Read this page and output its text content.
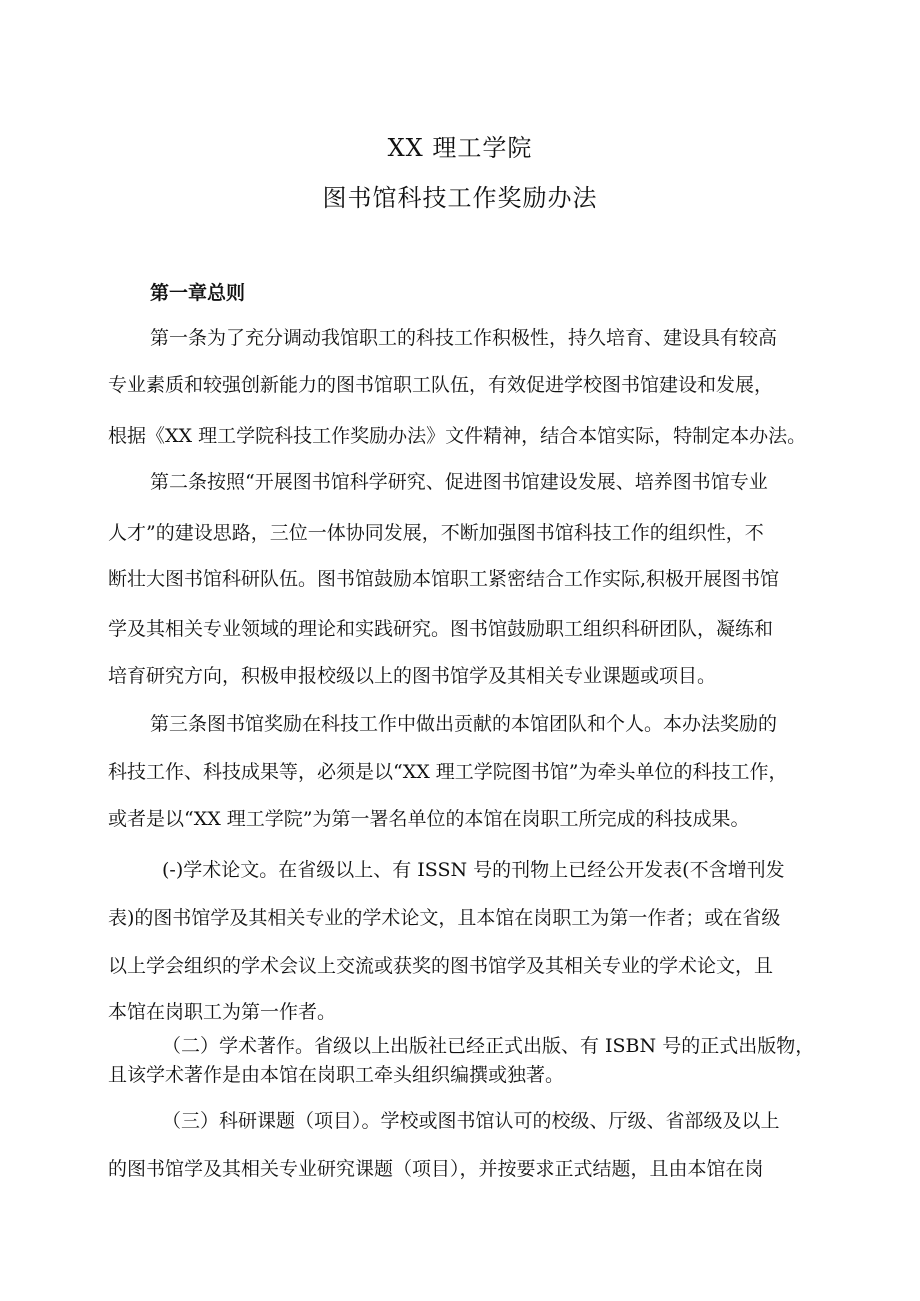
XX 理工学院
图书馆科技工作奖励办法
第一章总则
第一条为了充分调动我馆职工的科技工作积极性，持久培育、建设具有较高
专业素质和较强创新能力的图书馆职工队伍，有效促进学校图书馆建设和发展，
根据《XX 理工学院科技工作奖励办法》文件精神，结合本馆实际，特制定本办法。
第二条按照“开展图书馆科学研究、促进图书馆建设发展、培养图书馆专业
人才”的建设思路，三位一体协同发展，不断加强图书馆科技工作的组织性，不
断壮大图书馆科研队伍。图书馆鼓励本馆职工紧密结合工作实际,积极开展图书馆
学及其相关专业领域的理论和实践研究。图书馆鼓励职工组织科研团队，凝练和
培育研究方向，积极申报校级以上的图书馆学及其相关专业课题或项目。
第三条图书馆奖励在科技工作中做出贡献的本馆团队和个人。本办法奖励的
科技工作、科技成果等，必须是以“XX 理工学院图书馆”为牵头单位的科技工作，
或者是以“XX 理工学院”为第一署名单位的本馆在岗职工所完成的科技成果。
(-)学术论文。在省级以上、有 ISSN 号的刊物上已经公开发表(不含增刊发
表)的图书馆学及其相关专业的学术论文，且本馆在岗职工为第一作者；或在省级
以上学会组织的学术会议上交流或获奖的图书馆学及其相关专业的学术论文，且
本馆在岗职工为第一作者。
（二）学术著作。省级以上出版社已经正式出版、有 ISBN 号的正式出版物，
且该学术著作是由本馆在岗职工牵头组织编撰或独著。
（三）科研课题（项目）。学校或图书馆认可的校级、厅级、省部级及以上
的图书馆学及其相关专业研究课题（项目），并按要求正式结题，且由本馆在岗
